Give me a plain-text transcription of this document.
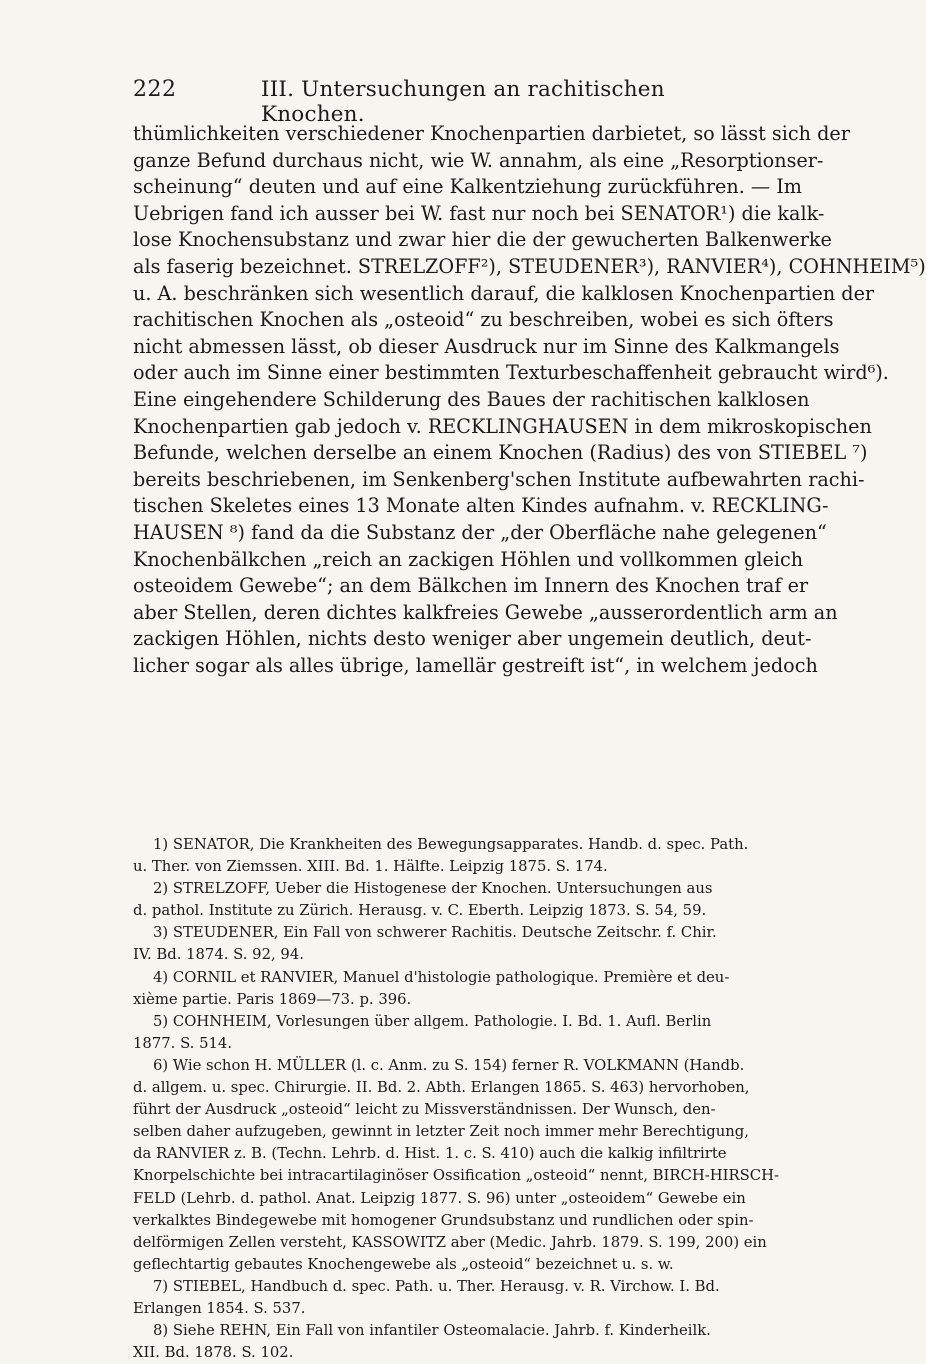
222	III. Untersuchungen an rachitischen Knochen.
thümlichkeiten verschiedener Knochenpartien darbietet, so lässt sich der
ganze Befund durchaus nicht, wie W. annahm, als eine „Resorptionser-
scheinung“ deuten und auf eine Kalkentziehung zurückführen. — Im
Uebrigen fand ich ausser bei W. fast nur noch bei SENATOR¹) die kalk-
lose Knochensubstanz und zwar hier die der gewucherten Balkenwerke
als faserig bezeichnet. STRELZOFF²), STEUDENER³), RANVIER⁴), COHNHEIM⁵)
u. A. beschränken sich wesentlich darauf, die kalklosen Knochenpartien der
rachitischen Knochen als „osteoid“ zu beschreiben, wobei es sich öfters
nicht abmessen lässt, ob dieser Ausdruck nur im Sinne des Kalkmangels
oder auch im Sinne einer bestimmten Texturbeschaffenheit gebraucht wird⁶).
Eine eingehendere Schilderung des Baues der rachitischen kalklosen
Knochenpartien gab jedoch v. RECKLINGHAUSEN in dem mikroskopischen
Befunde, welchen derselbe an einem Knochen (Radius) des von STIEBEL ⁷)
bereits beschriebenen, im Senkenberg'schen Institute aufbewahrten rachi-
tischen Skeletes eines 13 Monate alten Kindes aufnahm. v. RECKLING-
HAUSEN ⁸) fand da die Substanz der „der Oberfläche nahe gelegenen“
Knochenbälkchen „reich an zackigen Höhlen und vollkommen gleich
osteoidem Gewebe“; an dem Bälkchen im Innern des Knochen traf er
aber Stellen, deren dichtes kalkfreies Gewebe „ausserordentlich arm an
zackigen Höhlen, nichts desto weniger aber ungemein deutlich, deut-
licher sogar als alles übrige, lamellär gestreift ist“, in welchem jedoch
1) SENATOR, Die Krankheiten des Bewegungsapparates. Handb. d. spec. Path.
u. Ther. von Ziemssen. XIII. Bd. 1. Hälfte. Leipzig 1875. S. 174.
2) STRELZOFF, Ueber die Histogenese der Knochen. Untersuchungen aus
d. pathol. Institute zu Zürich. Herausg. v. C. Eberth. Leipzig 1873. S. 54, 59.
3) STEUDENER, Ein Fall von schwerer Rachitis. Deutsche Zeitschr. f. Chir.
IV. Bd. 1874. S. 92, 94.
4) CORNIL et RANVIER, Manuel d'histologie pathologique. Première et deu-
xième partie. Paris 1869—73. p. 396.
5) COHNHEIM, Vorlesungen über allgem. Pathologie. I. Bd. 1. Aufl. Berlin
1877. S. 514.
6) Wie schon H. MÜLLER (l. c. Anm. zu S. 154) ferner R. VOLKMANN (Handb.
d. allgem. u. spec. Chirurgie. II. Bd. 2. Abth. Erlangen 1865. S. 463) hervorhoben,
führt der Ausdruck „osteoid“ leicht zu Missverständnissen. Der Wunsch, den-
selben daher aufzugeben, gewinnt in letzter Zeit noch immer mehr Berechtigung,
da RANVIER z. B. (Techn. Lehrb. d. Hist. 1. c. S. 410) auch die kalkig infiltrirte
Knorpelschichte bei intracartilaginöser Ossification „osteoid“ nennt, BIRCH-HIRSCH-
FELD (Lehrb. d. pathol. Anat. Leipzig 1877. S. 96) unter „osteoidem“ Gewebe ein
verkalktes Bindegewebe mit homogener Grundsubstanz und rundlichen oder spin-
delförmigen Zellen versteht, KASSOWITZ aber (Medic. Jahrb. 1879. S. 199, 200) ein
geflechtartig gebautes Knochengewebe als „osteoid“ bezeichnet u. s. w.
7) STIEBEL, Handbuch d. spec. Path. u. Ther. Herausg. v. R. Virchow. I. Bd.
Erlangen 1854. S. 537.
8) Siehe REHN, Ein Fall von infantiler Osteomalacie. Jahrb. f. Kinderheilk.
XII. Bd. 1878. S. 102.
